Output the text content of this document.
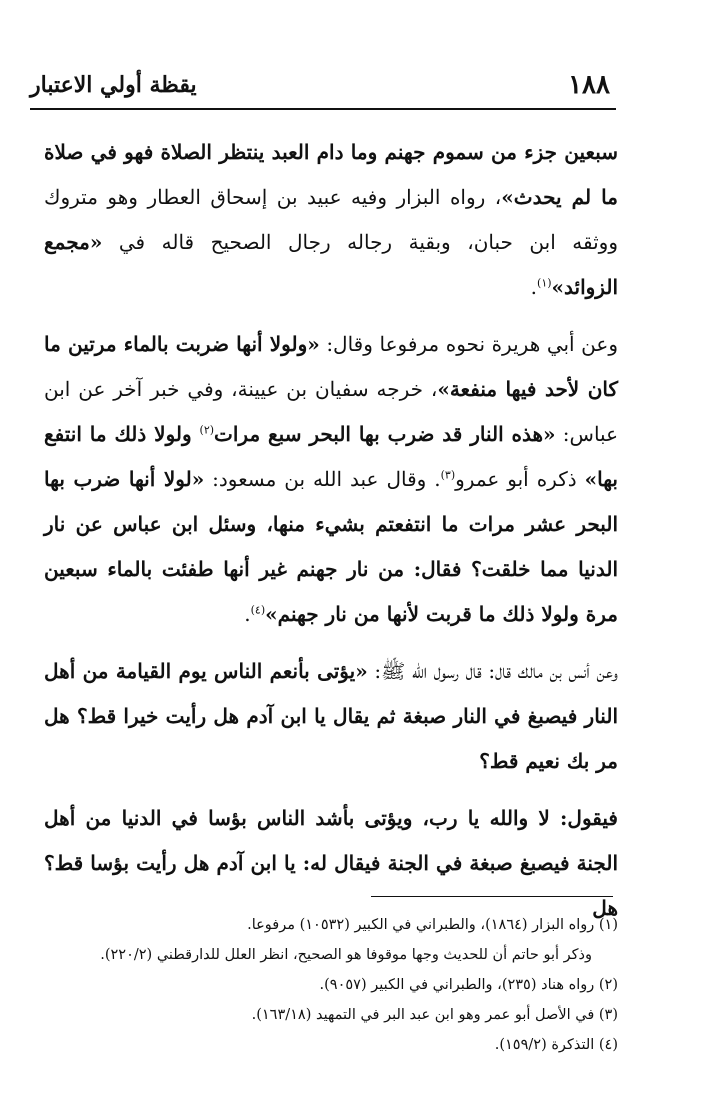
١٨٨
يقظة أولي الاعتبار

سبعين جزء من سموم جهنم وما دام العبد ينتظر الصلاة فهو في صلاة ما لم يحدث»، رواه البزار وفيه عبيد بن إسحاق العطار وهو متروك ووثقه ابن حبان، وبقية رجاله رجال الصحيح قاله في «مجمع الزوائد»$^{(١)}$.

وعن أبي هريرة نحوه مرفوعا وقال: «ولولا أنها ضربت بالماء مرتين ما كان لأحد فيها منفعة»، خرجه سفيان بن عيينة، وفي خبر آخر عن ابن عباس: «هذه النار قد ضرب بها البحر سبع مرات$^{(٢)}$ ولولا ذلك ما انتفع بها» ذكره أبو عمرو$^{(٣)}$. وقال عبد الله بن مسعود: «لولا أنها ضرب بها البحر عشر مرات ما انتفعتم بشيء منها، وسئل ابن عباس عن نار الدنيا مما خلقت؟ فقال: من نار جهنم غير أنها طفئت بالماء سبعين مرة ولولا ذلك ما قربت لأنها من نار جهنم»$^{(٤)}$.

وعن أنس بن مالك قال: قال رسول الله ﷺ: «يؤتى بأنعم الناس يوم القيامة من أهل النار فيصبغ في النار صبغة ثم يقال يا ابن آدم هل رأيت خيرا قط؟ هل مر بك نعيم قط؟

فيقول: لا والله يا رب، ويؤتى بأشد الناس بؤسا في الدنيا من أهل الجنة فيصبغ صبغة في الجنة فيقال له: يا ابن آدم هل رأيت بؤسا قط؟ هل

(١) رواه البزار (١٨٦٤)، والطبراني في الكبير (١٠٥٣٢) مرفوعا.
وذكر أبو حاتم أن للحديث وجها موقوفا هو الصحيح، انظر العلل للدارقطني (٢٢٠/٢).
(٢) رواه هناد (٢٣٥)، والطبراني في الكبير (٩٠٥٧).
(٣) في الأصل أبو عمر وهو ابن عبد البر في التمهيد (١٦٣/١٨).
(٤) التذكرة (١٥٩/٢).
